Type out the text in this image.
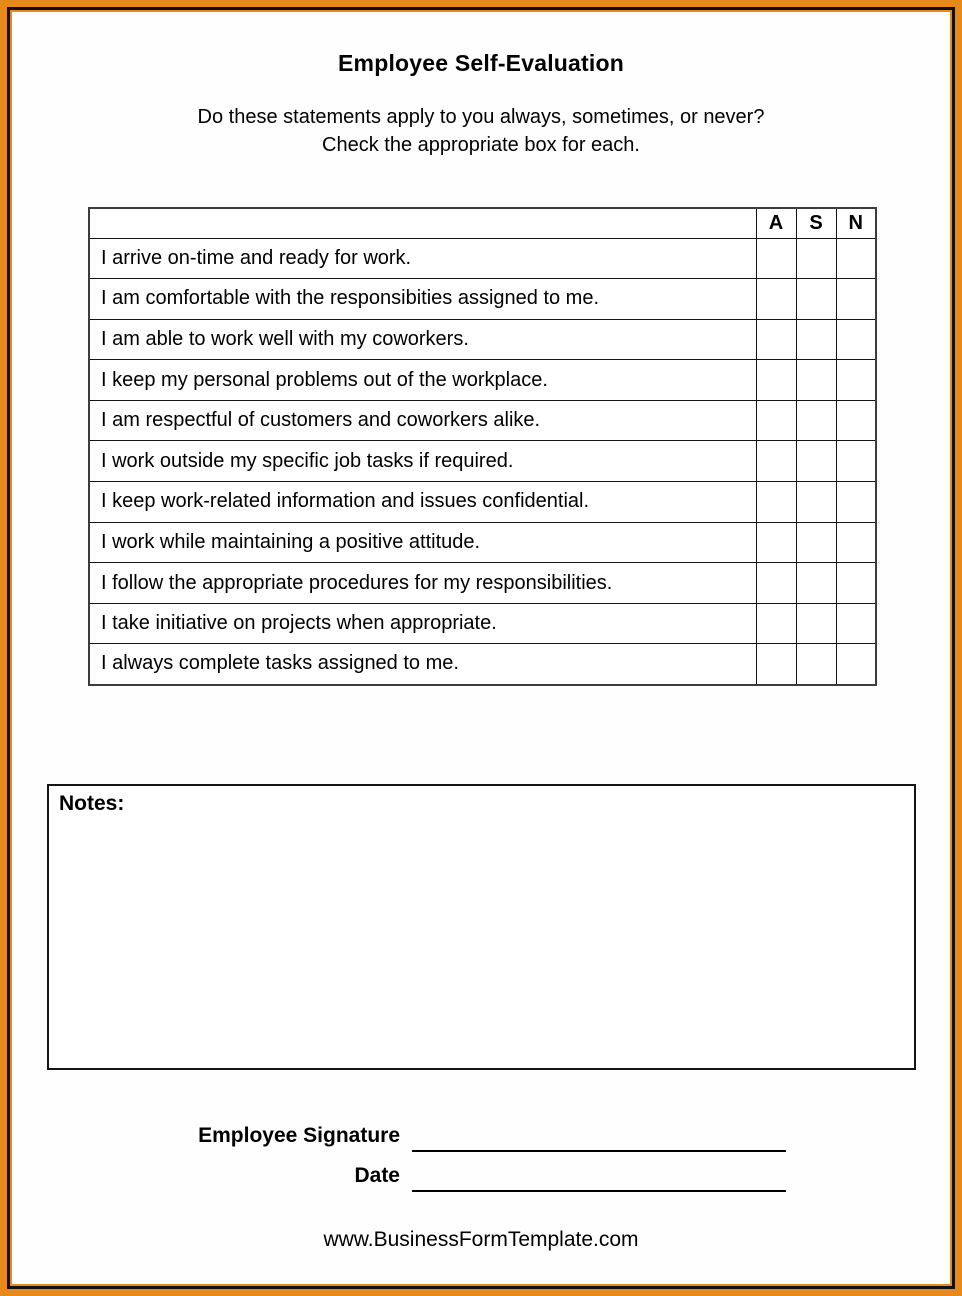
Employee Self-Evaluation
Do these statements apply to you always, sometimes, or never?
Check the appropriate box for each.
	A	S	N
I arrive on-time and ready for work.			
I am comfortable with the responsibities assigned to me.			
I am able to work well with my coworkers.			
I keep my personal problems out of the workplace.			
I am respectful of customers and coworkers alike.			
I work outside my specific job tasks if required.			
I keep work-related information and issues confidential.			
I work while maintaining a positive attitude.			
I follow the appropriate procedures for my responsibilities.			
I take initiative on projects when appropriate.			
I always complete tasks assigned to me.			
Notes:
Employee Signature
Date
www.BusinessFormTemplate.com
